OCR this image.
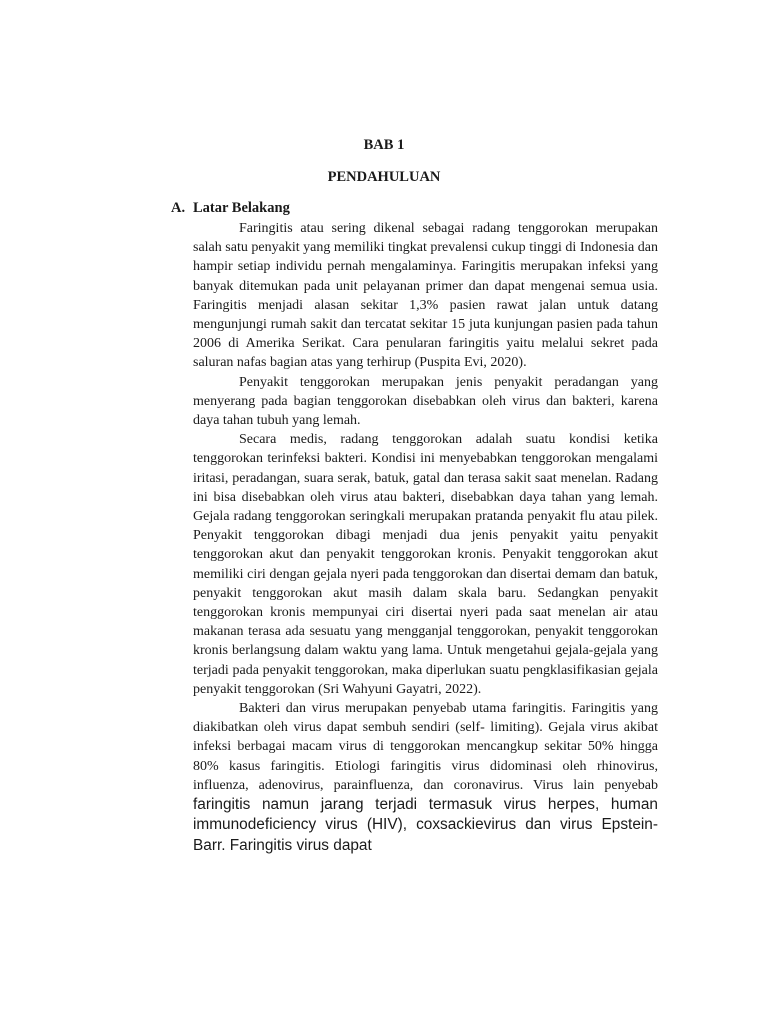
BAB 1
PENDAHULUAN
A. Latar Belakang

Faringitis atau sering dikenal sebagai radang tenggorokan merupakan salah satu penyakit yang memiliki tingkat prevalensi cukup tinggi di Indonesia dan hampir setiap individu pernah mengalaminya. Faringitis merupakan infeksi yang banyak ditemukan pada unit pelayanan primer dan dapat mengenai semua usia. Faringitis menjadi alasan sekitar 1,3% pasien rawat jalan untuk datang mengunjungi rumah sakit dan tercatat sekitar 15 juta kunjungan pasien pada tahun 2006 di Amerika Serikat. Cara penularan faringitis yaitu melalui sekret pada saluran nafas bagian atas yang terhirup (Puspita Evi, 2020).

Penyakit tenggorokan merupakan jenis penyakit peradangan yang menyerang pada bagian tenggorokan disebabkan oleh virus dan bakteri, karena daya tahan tubuh yang lemah.

Secara medis, radang tenggorokan adalah suatu kondisi ketika tenggorokan terinfeksi bakteri. Kondisi ini menyebabkan tenggorokan mengalami iritasi, peradangan, suara serak, batuk, gatal dan terasa sakit saat menelan. Radang ini bisa disebabkan oleh virus atau bakteri, disebabkan daya tahan yang lemah. Gejala radang tenggorokan seringkali merupakan pratanda penyakit flu atau pilek. Penyakit tenggorokan dibagi menjadi dua jenis penyakit yaitu penyakit tenggorokan akut dan penyakit tenggorokan kronis. Penyakit tenggorokan akut memiliki ciri dengan gejala nyeri pada tenggorokan dan disertai demam dan batuk, penyakit tenggorokan akut masih dalam skala baru. Sedangkan penyakit tenggorokan kronis mempunyai ciri disertai nyeri pada saat menelan air atau makanan terasa ada sesuatu yang mengganjal tenggorokan, penyakit tenggorokan kronis berlangsung dalam waktu yang lama. Untuk mengetahui gejala-gejala yang terjadi pada penyakit tenggorokan, maka diperlukan suatu pengklasifikasian gejala penyakit tenggorokan (Sri Wahyuni Gayatri, 2022).

Bakteri dan virus merupakan penyebab utama faringitis. Faringitis yang diakibatkan oleh virus dapat sembuh sendiri (self- limiting). Gejala virus akibat infeksi berbagai macam virus di tenggorokan mencangkup sekitar 50% hingga 80% kasus faringitis. Etiologi faringitis virus didominasi oleh rhinovirus, influenza, adenovirus, parainfluenza, dan coronavirus. Virus lain penyebab faringitis namun jarang terjadi termasuk virus herpes, human immunodeficiency virus (HIV), coxsackievirus dan virus Epstein-Barr. Faringitis virus dapat
